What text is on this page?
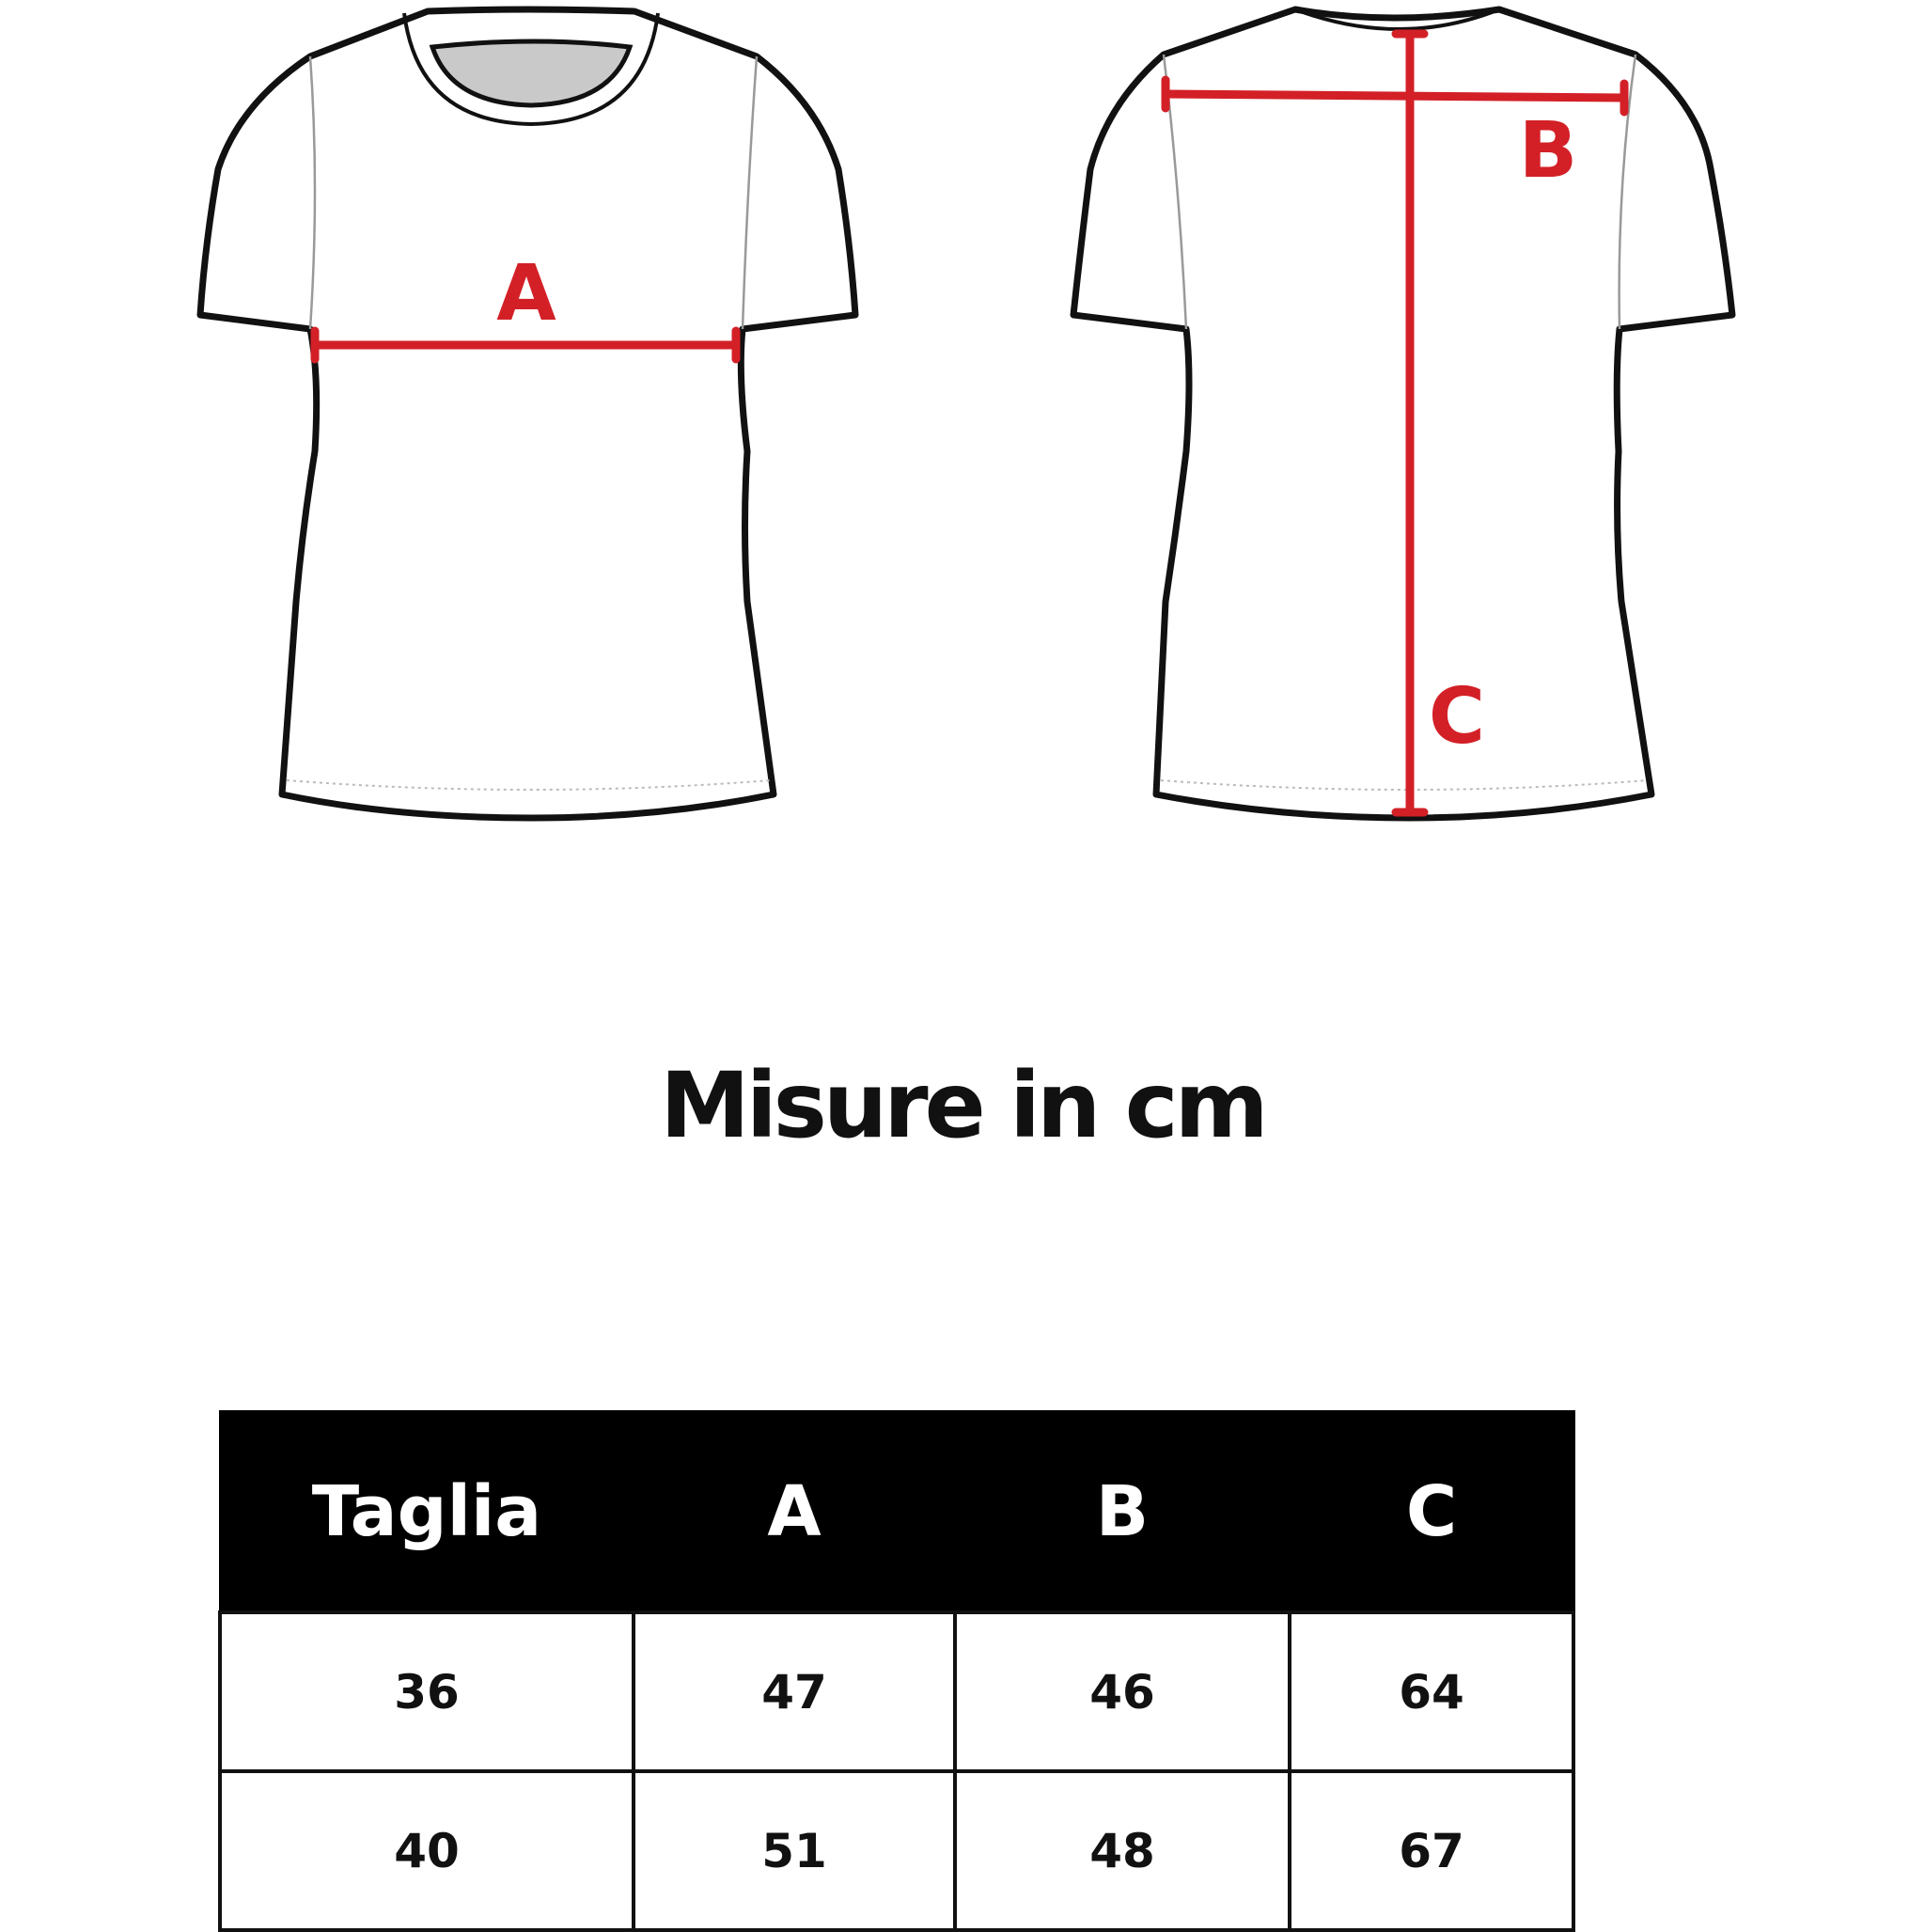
A
B
C
Misure in cm
Taglia	A	B	C
36	47	46	64
40	51	48	67
